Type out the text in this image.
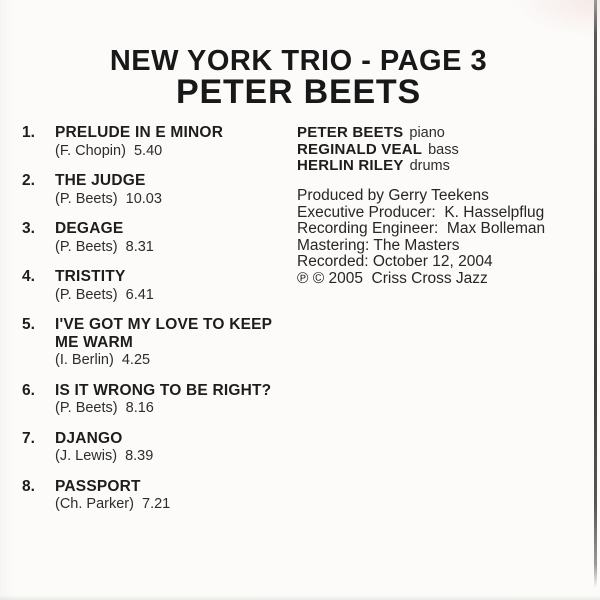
NEW YORK TRIO - PAGE 3
PETER BEETS
1.	PRELUDE IN E MINOR
(F. Chopin)  5.40
2.	THE JUDGE
(P. Beets)  10.03
3.	DEGAGE
(P. Beets)  8.31
4.	TRISTITY
(P. Beets)  6.41
5.	I'VE GOT MY LOVE TO KEEP ME WARM
(I. Berlin)  4.25
6.	IS IT WRONG TO BE RIGHT?
(P. Beets)  8.16
7.	DJANGO
(J. Lewis)  8.39
8.	PASSPORT
(Ch. Parker)  7.21
PETER BEETS piano
REGINALD VEAL bass
HERLIN RILEY drums
Produced by Gerry Teekens
Executive Producer:  K. Hasselpflug
Recording Engineer:  Max Bolleman
Mastering: The Masters
Recorded: October 12, 2004
℗ © 2005  Criss Cross Jazz
